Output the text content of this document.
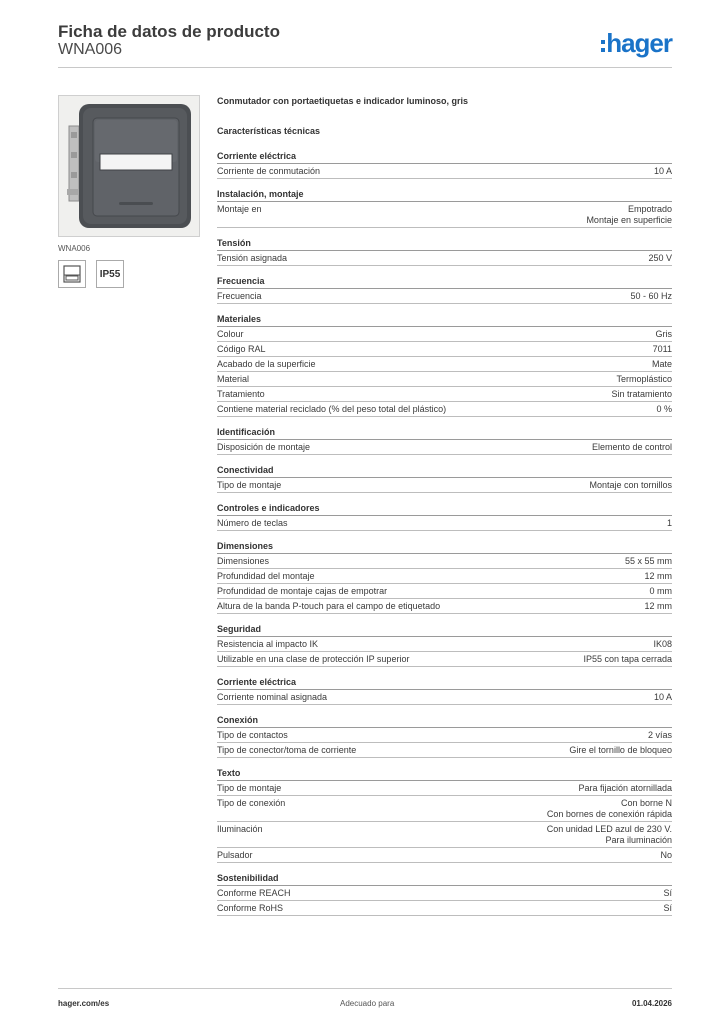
Ficha de datos de producto
WNA006	hager
WNA006
IP55
Conmutador con portaetiquetas e indicador luminoso, gris
Características técnicas
Corriente eléctrica
Corriente de conmutación	10 A
Instalación, montaje
Montaje en	Empotrado
Montaje en superficie
Tensión
Tensión asignada	250 V
Frecuencia
Frecuencia	50 - 60 Hz
Materiales
Colour	Gris
Código RAL	7011
Acabado de la superficie	Mate
Material	Termoplástico
Tratamiento	Sin tratamiento
Contiene material reciclado (% del peso total del plástico)	0 %
Identificación
Disposición de montaje	Elemento de control
Conectividad
Tipo de montaje	Montaje con tornillos
Controles e indicadores
Número de teclas	1
Dimensiones
Dimensiones	55 x 55 mm
Profundidad del montaje	12 mm
Profundidad de montaje cajas de empotrar	0 mm
Altura de la banda P-touch para el campo de etiquetado	12 mm
Seguridad
Resistencia al impacto IK	IK08
Utilizable en una clase de protección IP superior	IP55 con tapa cerrada
Corriente eléctrica
Corriente nominal asignada	10 A
Conexión
Tipo de contactos	2 vías
Tipo de conector/toma de corriente	Gire el tornillo de bloqueo
Texto
Tipo de montaje	Para fijación atornillada
Tipo de conexión	Con borne N
Con bornes de conexión rápida
Iluminación	Con unidad LED azul de 230 V.
Para iluminación
Pulsador	No
Sostenibilidad
Conforme REACH	Sí
Conforme RoHS	Sí
hager.com/es	Adecuado para	01.04.2026
